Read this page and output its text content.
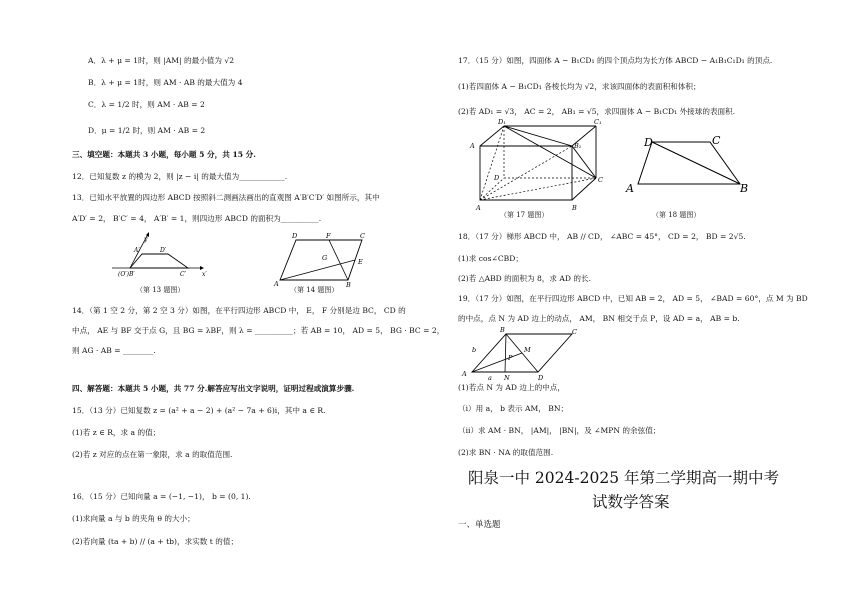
A．λ + μ = 1时，则 |AM| 的最小值为 √2
B．λ + μ = 1时，则 AM · AB 的最大值为 4
C．λ = 1/2 时，则 AM · AB = 2
D．μ = 1/2 时，则 AM · AB = 2
三、填空题：本题共 3 小题，每小题 5 分，共 15 分.
12．已知复数 z 的模为 2，则 |z − i| 的最大值为____________.
13．已知水平放置的四边形 ABCD 按照斜二测画法画出的直观图 A′B′C′D′ 如图所示，其中
A′D′ = 2， B′C′ = 4， A′B′ = 1，则四边形 ABCD 的面积为__________.
y′
D′
A′
(O′)B′	C′	x′
（第 13 题图）
D	F	C
G	E
A	B
（第 14 题图）
14．（第 1 空 2 分，第 2 空 3 分）如图，在平行四边形 ABCD 中， E， F 分别是边 BC， CD 的
中点， AE 与 BF 交于点 G，且 BG = λBF，则 λ = __________；若 AB = 10， AD = 5， BG · BC = 2，
则 AG · AB = ________.
四、解答题：本题共 5 小题，共 77 分.解答应写出文字说明，证明过程或演算步骤.
15．（13 分）已知复数 z = (a² + a − 2) + (a² − 7a + 6)i，其中 a ∈ R.
(1)若 z ∈ R，求 a 的值；
(2)若 z 对应的点在第一象限，求 a 的取值范围.
16．（15 分）已知向量 a = (−1, −1)， b = (0, 1).
(1)求向量 a 与 b 的夹角 θ 的大小；
(2)若向量 (ta + b) // (a + tb)，求实数 t 的值；
17．（15 分）如图，四面体 A − B₁CD₁ 的四个顶点均为长方体 ABCD − A₁B₁C₁D₁ 的顶点.
(1)若四面体 A − B₁CD₁ 各棱长均为 √2，求该四面体的表面积和体积；
(2)若 AD₁ = √3， AC = 2， AB₁ = √5，求四面体 A − B₁CD₁ 外接球的表面积.
D₁	C₁
A	B₁
D	C
A	B
（第 17 题图）
D	C
A	B
（第 18 题图）
18．（17 分）梯形 ABCD 中， AB // CD， ∠ABC = 45°， CD = 2， BD = 2√5.
(1)求 cos∠CBD；
(2)若 △ABD 的面积为 8，求 AD 的长.
19．（17 分）如图，在平行四边形 ABCD 中，已知 AB = 2， AD = 5， ∠BAD = 60°，点 M 为 BD
的中点，点 N 为 AD 边上的动点， AM， BN 相交于点 P，设 AD = a， AB = b.
B	C
M
P
b
A	a N	D
(1)若点 N 为 AD 边上的中点，
（i）用 a， b 表示 AM， BN；
（ii）求 AM · BN， |AM|， |BN|，及 ∠MPN 的余弦值；
(2)求 BN · NA 的取值范围.
阳泉一中 2024-2025 年第二学期高一期中考
试数学答案
一、单选题
